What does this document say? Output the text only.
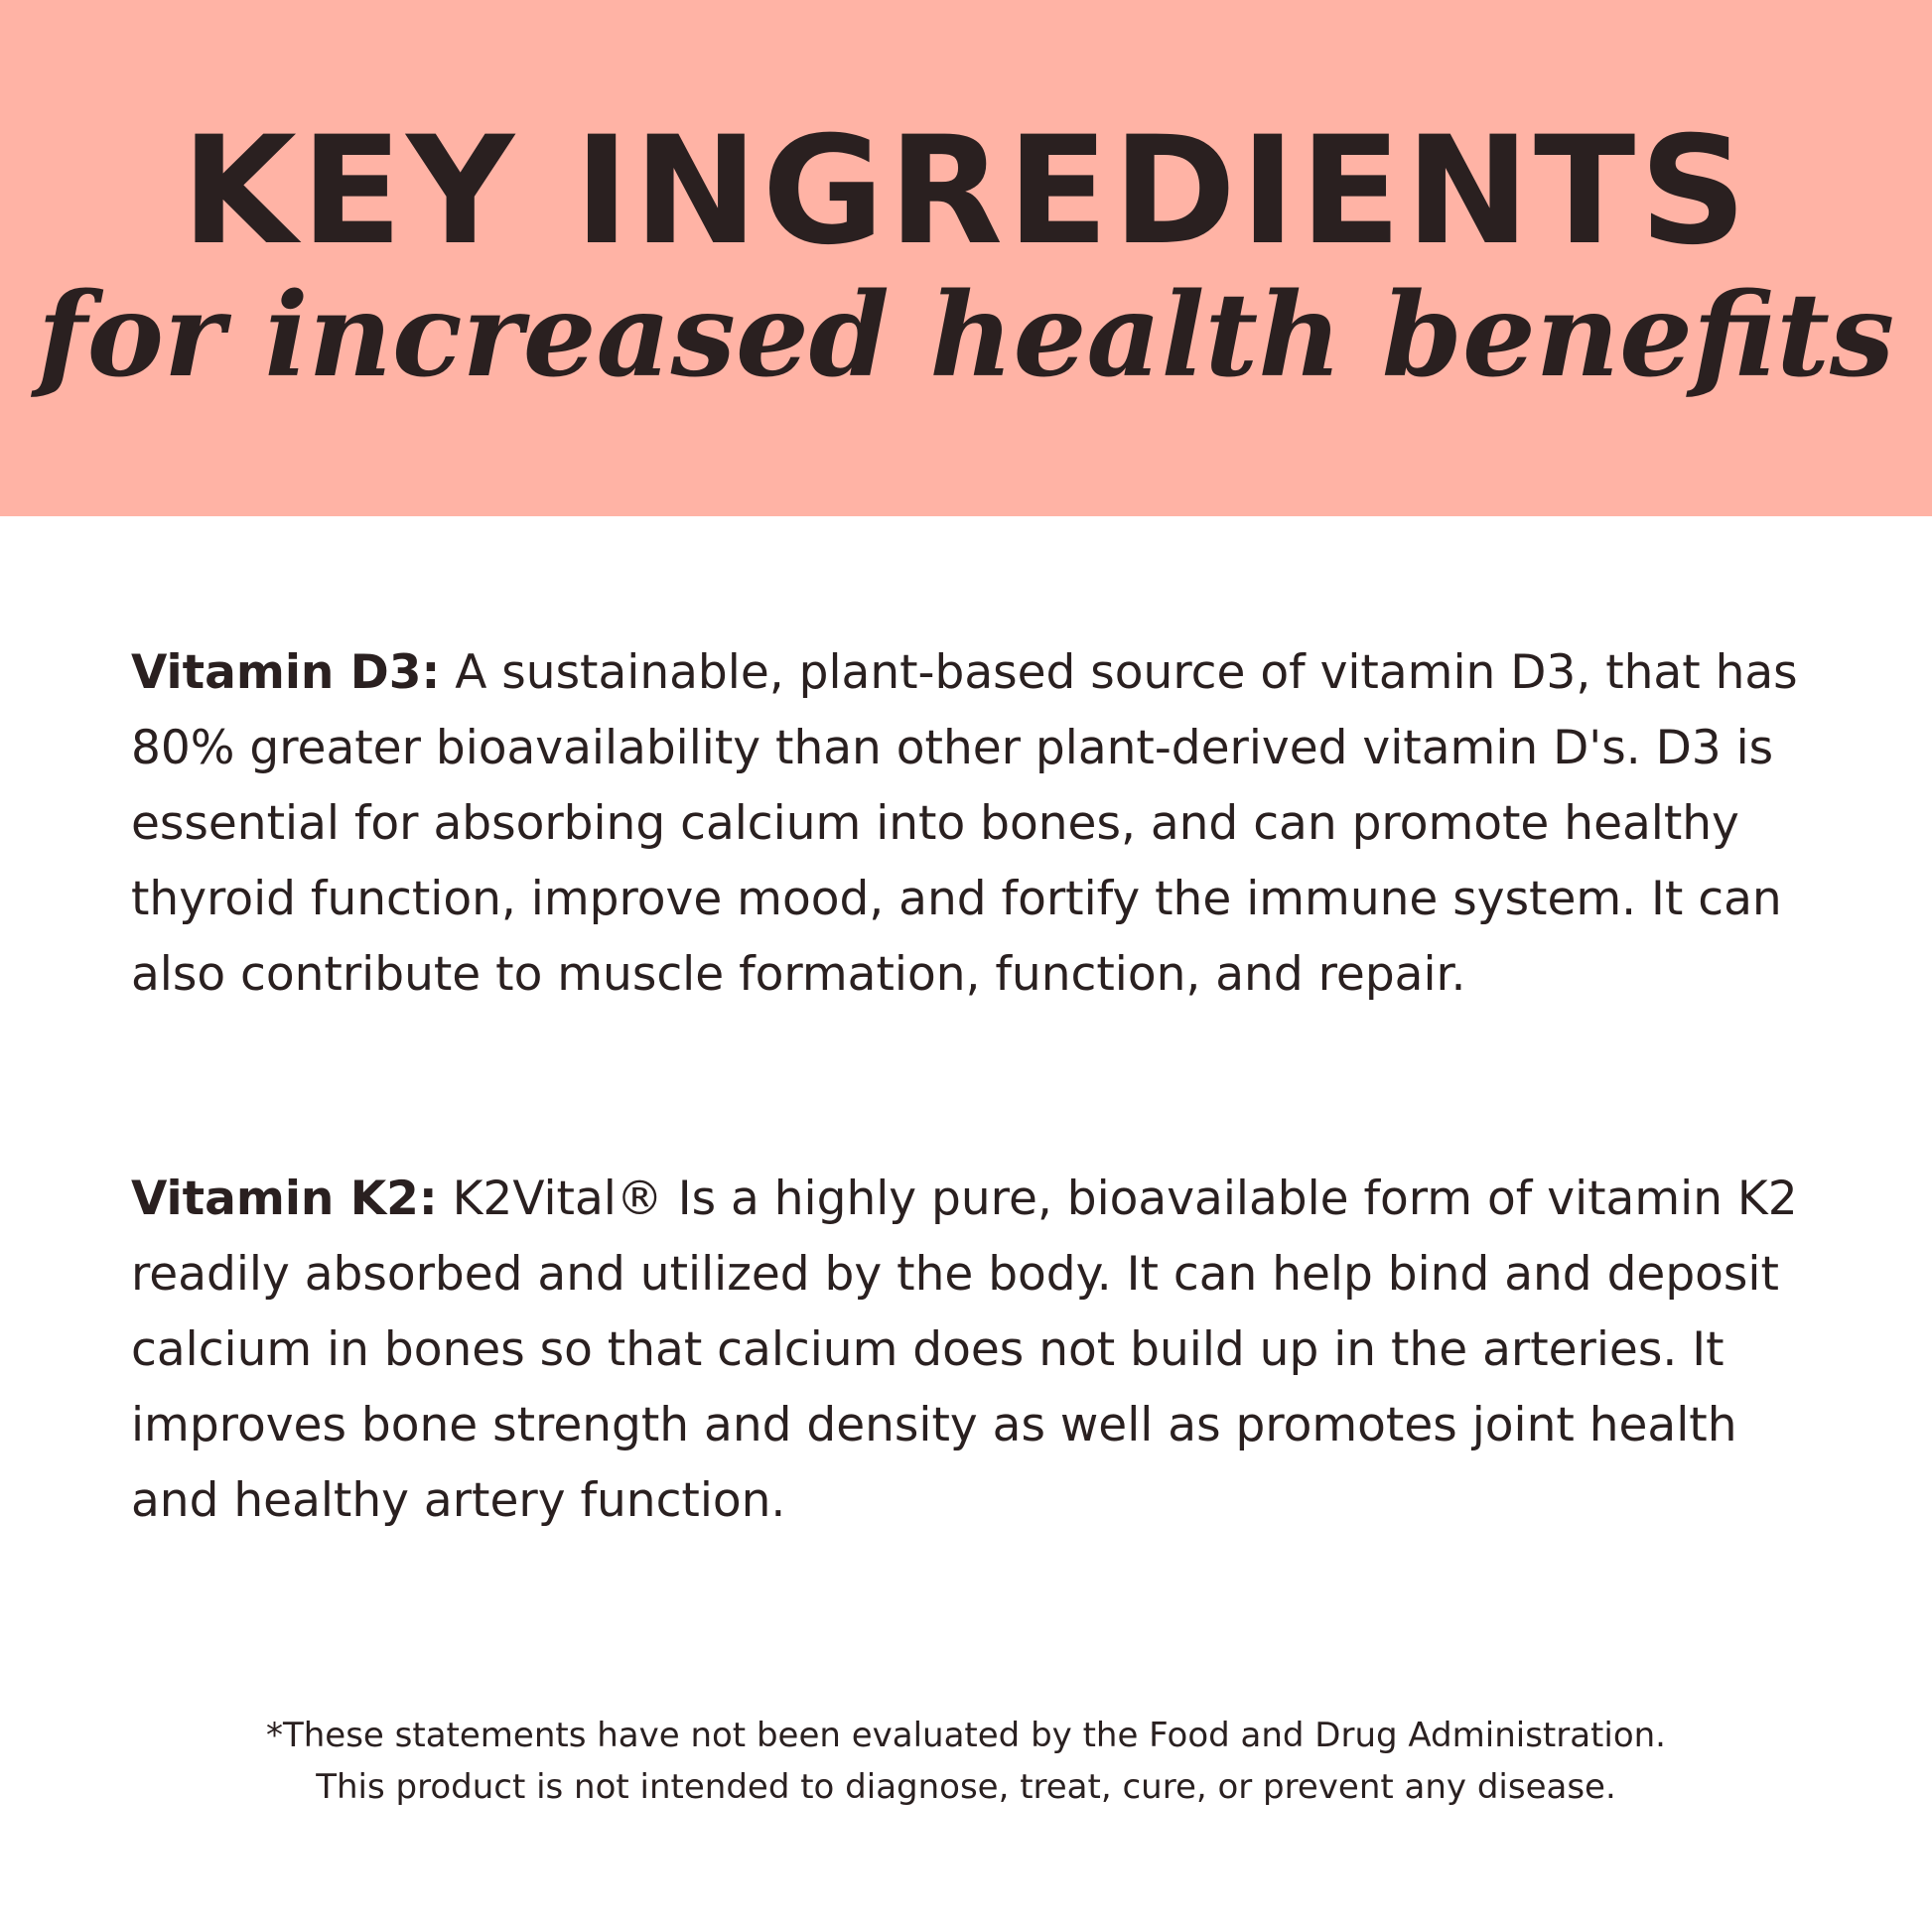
KEY INGREDIENTS
for increased health benefits
Vitamin D3: A sustainable, plant-based source of vitamin D3, that has 80% greater bioavailability than other plant-derived vitamin D's. D3 is essential for absorbing calcium into bones, and can promote healthy thyroid function, improve mood, and fortify the immune system. It can also contribute to muscle formation, function, and repair.
Vitamin K2: K2Vital® Is a highly pure, bioavailable form of vitamin K2 readily absorbed and utilized by the body. It can help bind and deposit calcium in bones so that calcium does not build up in the arteries. It improves bone strength and density as well as promotes joint health and healthy artery function.
*These statements have not been evaluated by the Food and Drug Administration.
This product is not intended to diagnose, treat, cure, or prevent any disease.
